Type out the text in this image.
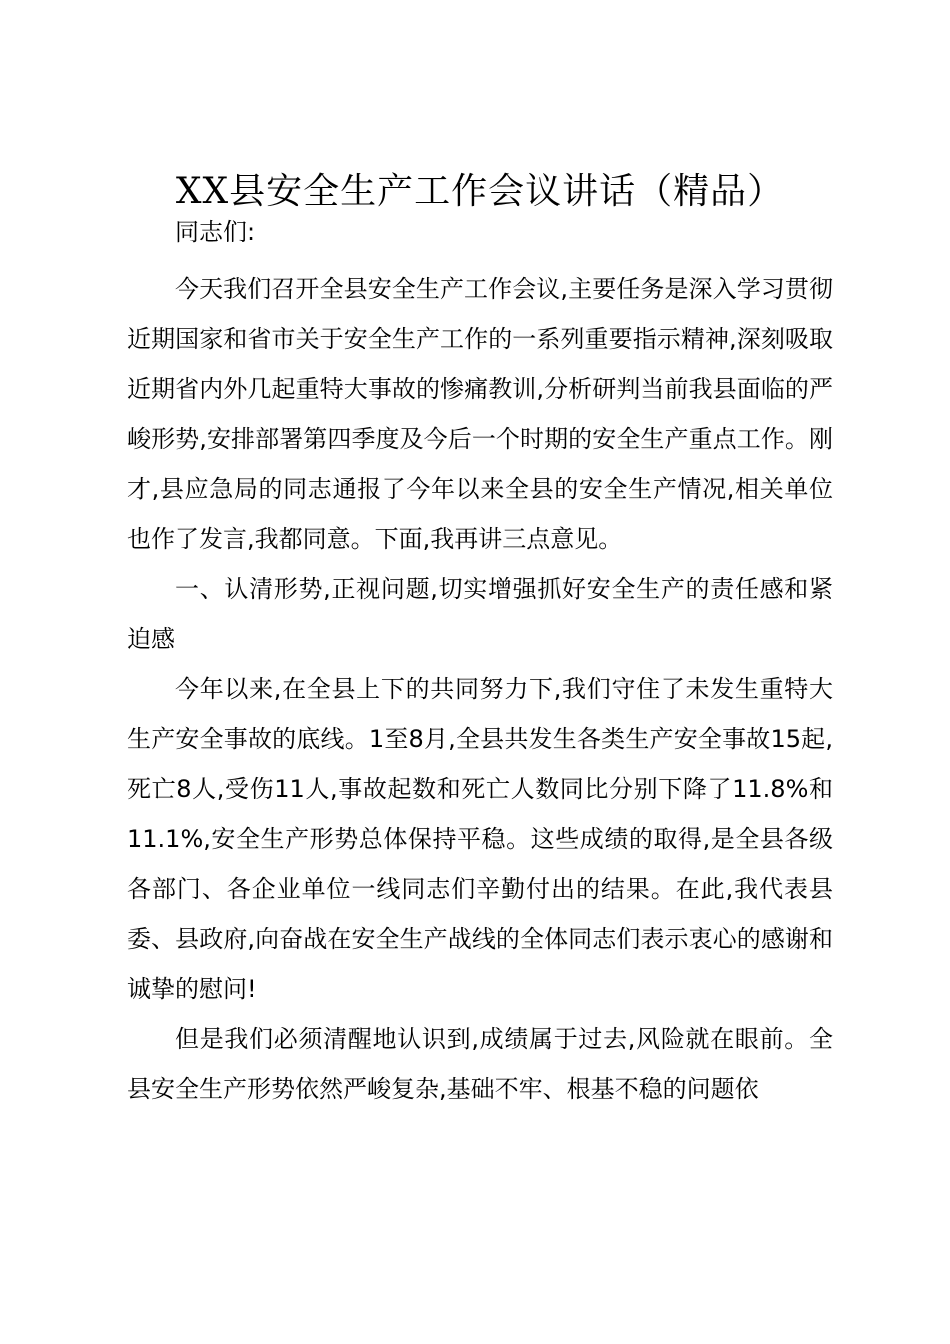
XX县安全生产工作会议讲话（精品）

同志们:

今天我们召开全县安全生产工作会议,主要任务是深入学习贯彻近期国家和省市关于安全生产工作的一系列重要指示精神,深刻吸取近期省内外几起重特大事故的惨痛教训,分析研判当前我县面临的严峻形势,安排部署第四季度及今后一个时期的安全生产重点工作。刚才,县应急局的同志通报了今年以来全县的安全生产情况,相关单位也作了发言,我都同意。下面,我再讲三点意见。

一、认清形势,正视问题,切实增强抓好安全生产的责任感和紧迫感

今年以来,在全县上下的共同努力下,我们守住了未发生重特大生产安全事故的底线。1至8月,全县共发生各类生产安全事故15起,死亡8人,受伤11人,事故起数和死亡人数同比分别下降了11.8%和11.1%,安全生产形势总体保持平稳。这些成绩的取得,是全县各级各部门、各企业单位一线同志们辛勤付出的结果。在此,我代表县委、县政府,向奋战在安全生产战线的全体同志们表示衷心的感谢和诚挚的慰问!

但是我们必须清醒地认识到,成绩属于过去,风险就在眼前。全县安全生产形势依然严峻复杂,基础不牢、根基不稳的问题依
